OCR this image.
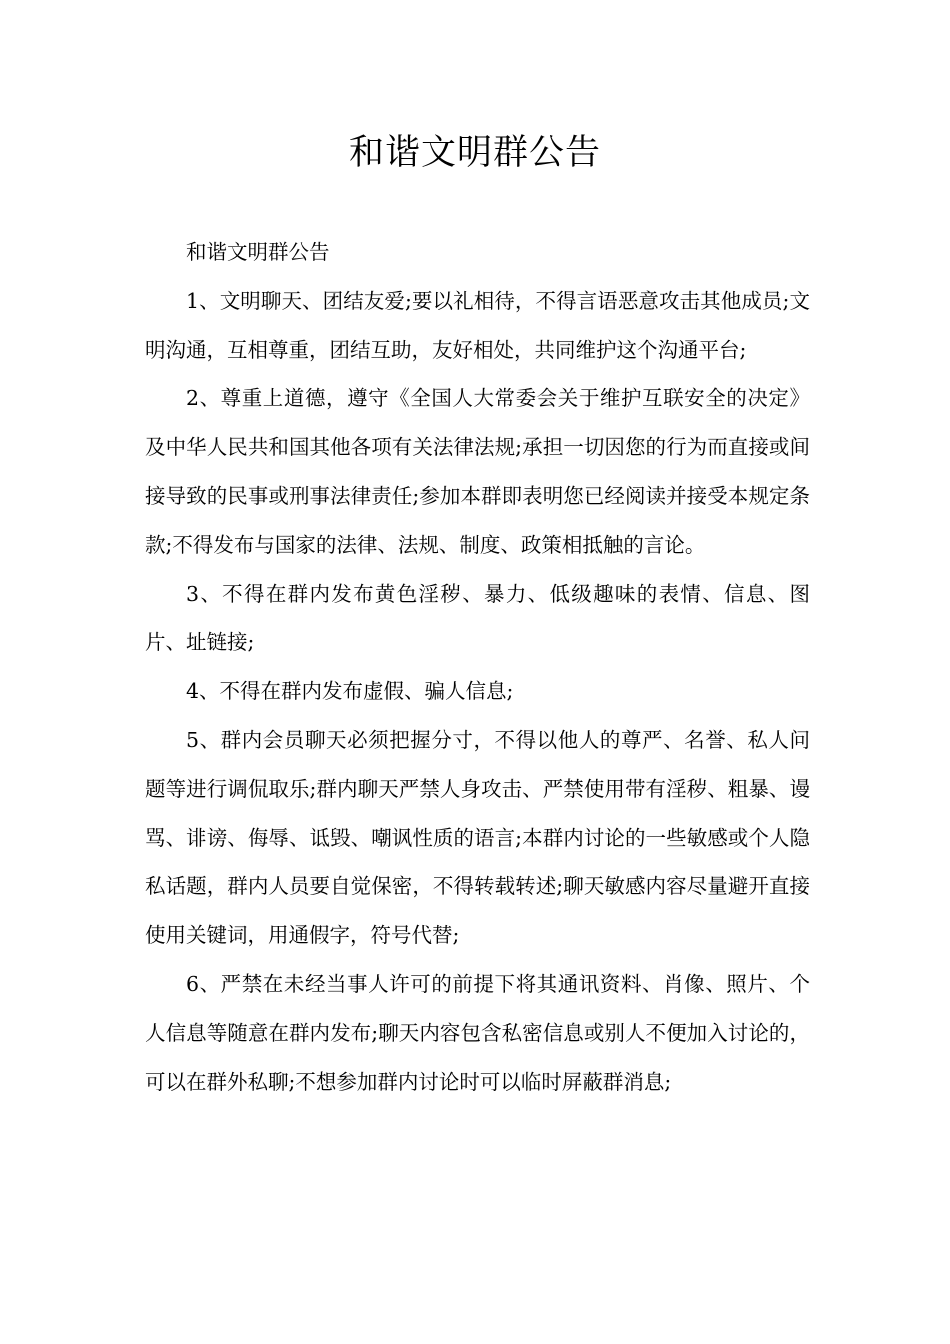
和谐文明群公告

和谐文明群公告

1、文明聊天、团结友爱;要以礼相待，不得言语恶意攻击其他成员;文明沟通，互相尊重，团结互助，友好相处，共同维护这个沟通平台;

2、尊重上道德，遵守《全国人大常委会关于维护互联安全的决定》及中华人民共和国其他各项有关法律法规;承担一切因您的行为而直接或间接导致的民事或刑事法律责任;参加本群即表明您已经阅读并接受本规定条款;不得发布与国家的法律、法规、制度、政策相抵触的言论。

3、不得在群内发布黄色淫秽、暴力、低级趣味的表情、信息、图片、址链接;

4、不得在群内发布虚假、骗人信息;

5、群内会员聊天必须把握分寸，不得以他人的尊严、名誉、私人问题等进行调侃取乐;群内聊天严禁人身攻击、严禁使用带有淫秽、粗暴、谩骂、诽谤、侮辱、诋毁、嘲讽性质的语言;本群内讨论的一些敏感或个人隐私话题，群内人员要自觉保密，不得转载转述;聊天敏感内容尽量避开直接使用关键词，用通假字，符号代替;

6、严禁在未经当事人许可的前提下将其通讯资料、肖像、照片、个人信息等随意在群内发布;聊天内容包含私密信息或别人不便加入讨论的，可以在群外私聊;不想参加群内讨论时可以临时屏蔽群消息;
